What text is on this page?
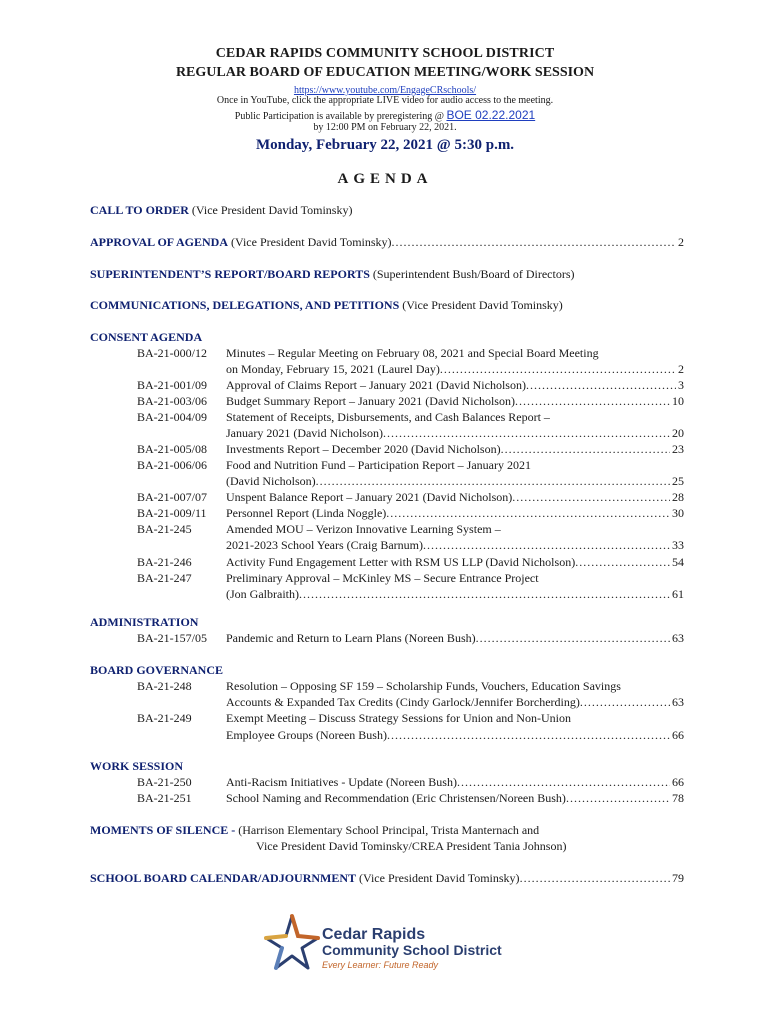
CEDAR RAPIDS COMMUNITY SCHOOL DISTRICT
REGULAR BOARD OF EDUCATION MEETING/WORK SESSION
https://www.youtube.com/EngageCRschools/
Once in YouTube, click the appropriate LIVE video for audio access to the meeting.
Public Participation is available by preregistering @ BOE 02.22.2021
by 12:00 PM on February 22, 2021.
Monday, February 22, 2021 @ 5:30 p.m.
AGENDA
CALL TO ORDER (Vice President David Tominsky)
APPROVAL OF AGENDA (Vice President David Tominsky) .....	2
SUPERINTENDENT’S REPORT/BOARD REPORTS (Superintendent Bush/Board of Directors)
COMMUNICATIONS, DELEGATIONS, AND PETITIONS (Vice President David Tominsky)
CONSENT AGENDA
BA-21-000/12 Minutes – Regular Meeting on February 08, 2021 and Special Board Meeting
on Monday, February 15, 2021 (Laurel Day) .....	2
BA-21-001/09 Approval of Claims Report – January 2021 (David Nicholson) .....	3
BA-21-003/06 Budget Summary Report – January 2021 (David Nicholson) .....	10
BA-21-004/09 Statement of Receipts, Disbursements, and Cash Balances Report –
January 2021 (David Nicholson) .....	20
BA-21-005/08 Investments Report – December 2020 (David Nicholson) .....	23
BA-21-006/06 Food and Nutrition Fund – Participation Report – January 2021
(David Nicholson) .....	25
BA-21-007/07 Unspent Balance Report – January 2021 (David Nicholson) .....	28
BA-21-009/11 Personnel Report (Linda Noggle) .....	30
BA-21-245	Amended MOU – Verizon Innovative Learning System –
2021-2023 School Years (Craig Barnum) .....	33
BA-21-246	Activity Fund Engagement Letter with RSM US LLP (David Nicholson) .....	54
BA-21-247	Preliminary Approval – McKinley MS – Secure Entrance Project
(Jon Galbraith) .....	61
ADMINISTRATION
BA-21-157/05 Pandemic and Return to Learn Plans (Noreen Bush) .....	63
BOARD GOVERNANCE
BA-21-248	Resolution – Opposing SF 159 – Scholarship Funds, Vouchers, Education Savings
Accounts & Expanded Tax Credits (Cindy Garlock/Jennifer Borcherding) .....	63
BA-21-249	Exempt Meeting – Discuss Strategy Sessions for Union and Non-Union
Employee Groups (Noreen Bush) .....	66
WORK SESSION
BA-21-250	Anti-Racism Initiatives - Update (Noreen Bush) .....	66
BA-21-251	School Naming and Recommendation (Eric Christensen/Noreen Bush) .....	78
MOMENTS OF SILENCE - (Harrison Elementary School Principal, Trista Manternach and
Vice President David Tominsky/CREA President Tania Johnson)
SCHOOL BOARD CALENDAR/ADJOURNMENT (Vice President David Tominsky) .....	79
Cedar Rapids
Community School District
Every Learner: Future Ready
